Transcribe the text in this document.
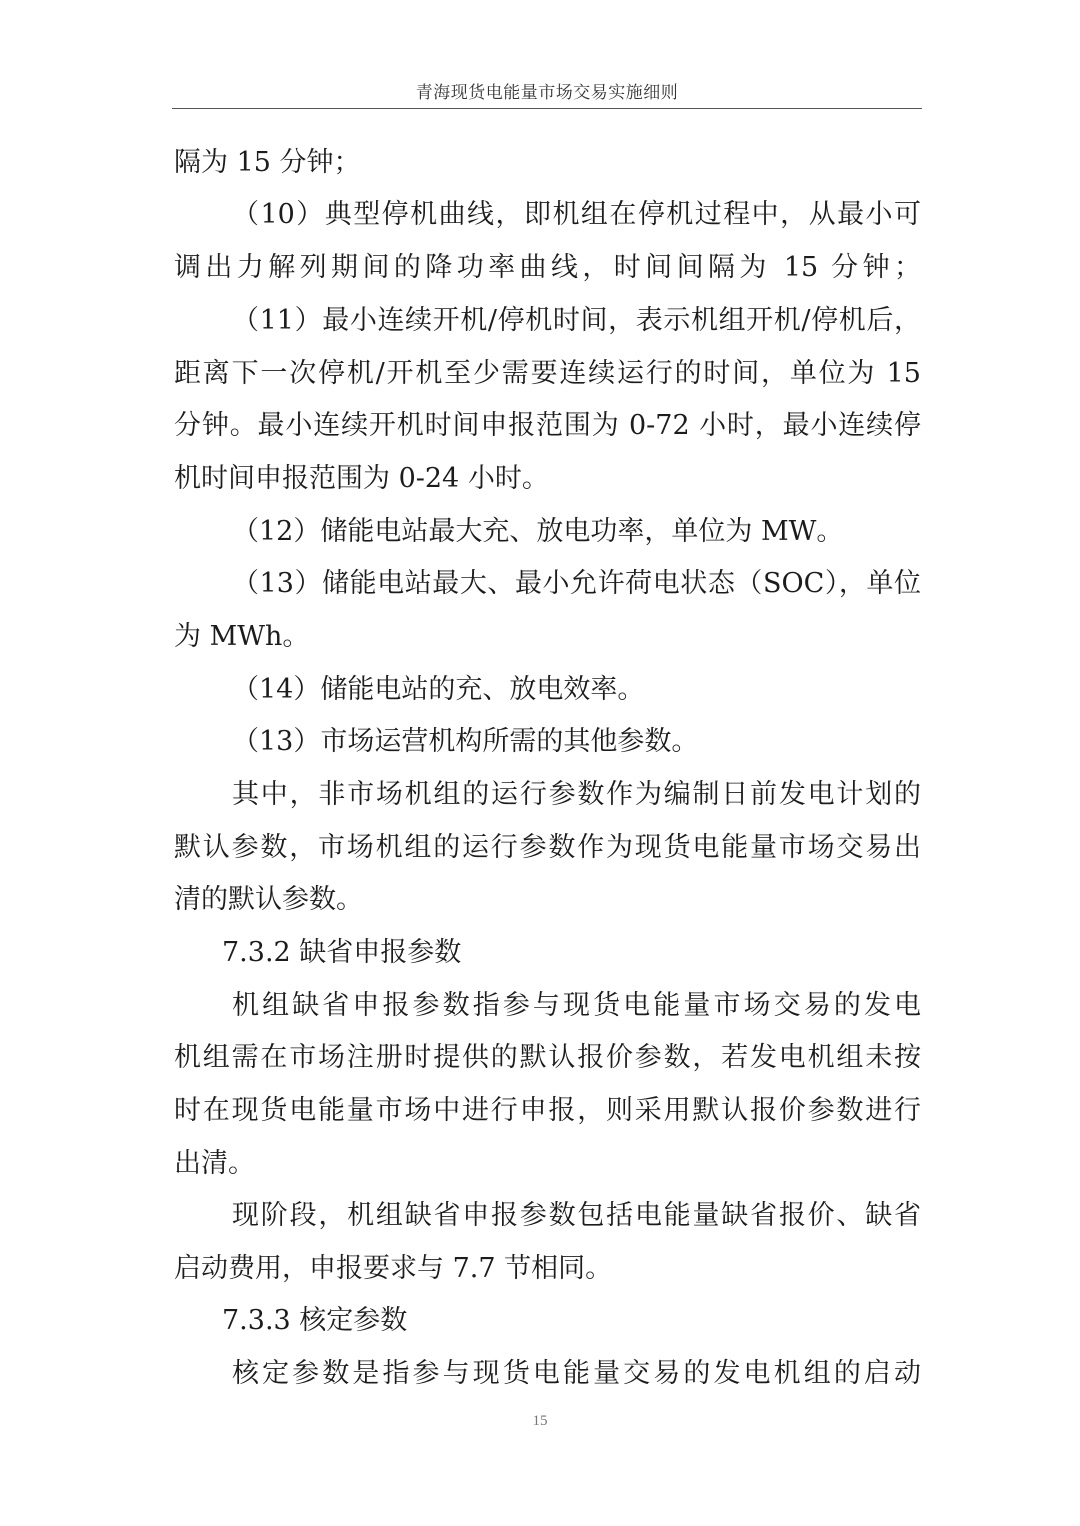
青海现货电能量市场交易实施细则
隔为 15 分钟；
（10）典型停机曲线，即机组在停机过程中，从最小可
调出力解列期间的降功率曲线，时间间隔为 15 分钟；
（11）最小连续开机/停机时间，表示机组开机/停机后，
距离下一次停机/开机至少需要连续运行的时间，单位为 15
分钟。最小连续开机时间申报范围为 0-72 小时，最小连续停
机时间申报范围为 0-24 小时。
（12）储能电站最大充、放电功率，单位为 MW。
（13）储能电站最大、最小允许荷电状态（SOC），单位
为 MWh。
（14）储能电站的充、放电效率。
（13）市场运营机构所需的其他参数。
其中，非市场机组的运行参数作为编制日前发电计划的
默认参数，市场机组的运行参数作为现货电能量市场交易出
清的默认参数。
7.3.2 缺省申报参数
机组缺省申报参数指参与现货电能量市场交易的发电
机组需在市场注册时提供的默认报价参数，若发电机组未按
时在现货电能量市场中进行申报，则采用默认报价参数进行
出清。
现阶段，机组缺省申报参数包括电能量缺省报价、缺省
启动费用，申报要求与 7.7 节相同。
7.3.3 核定参数
核定参数是指参与现货电能量交易的发电机组的启动
15
